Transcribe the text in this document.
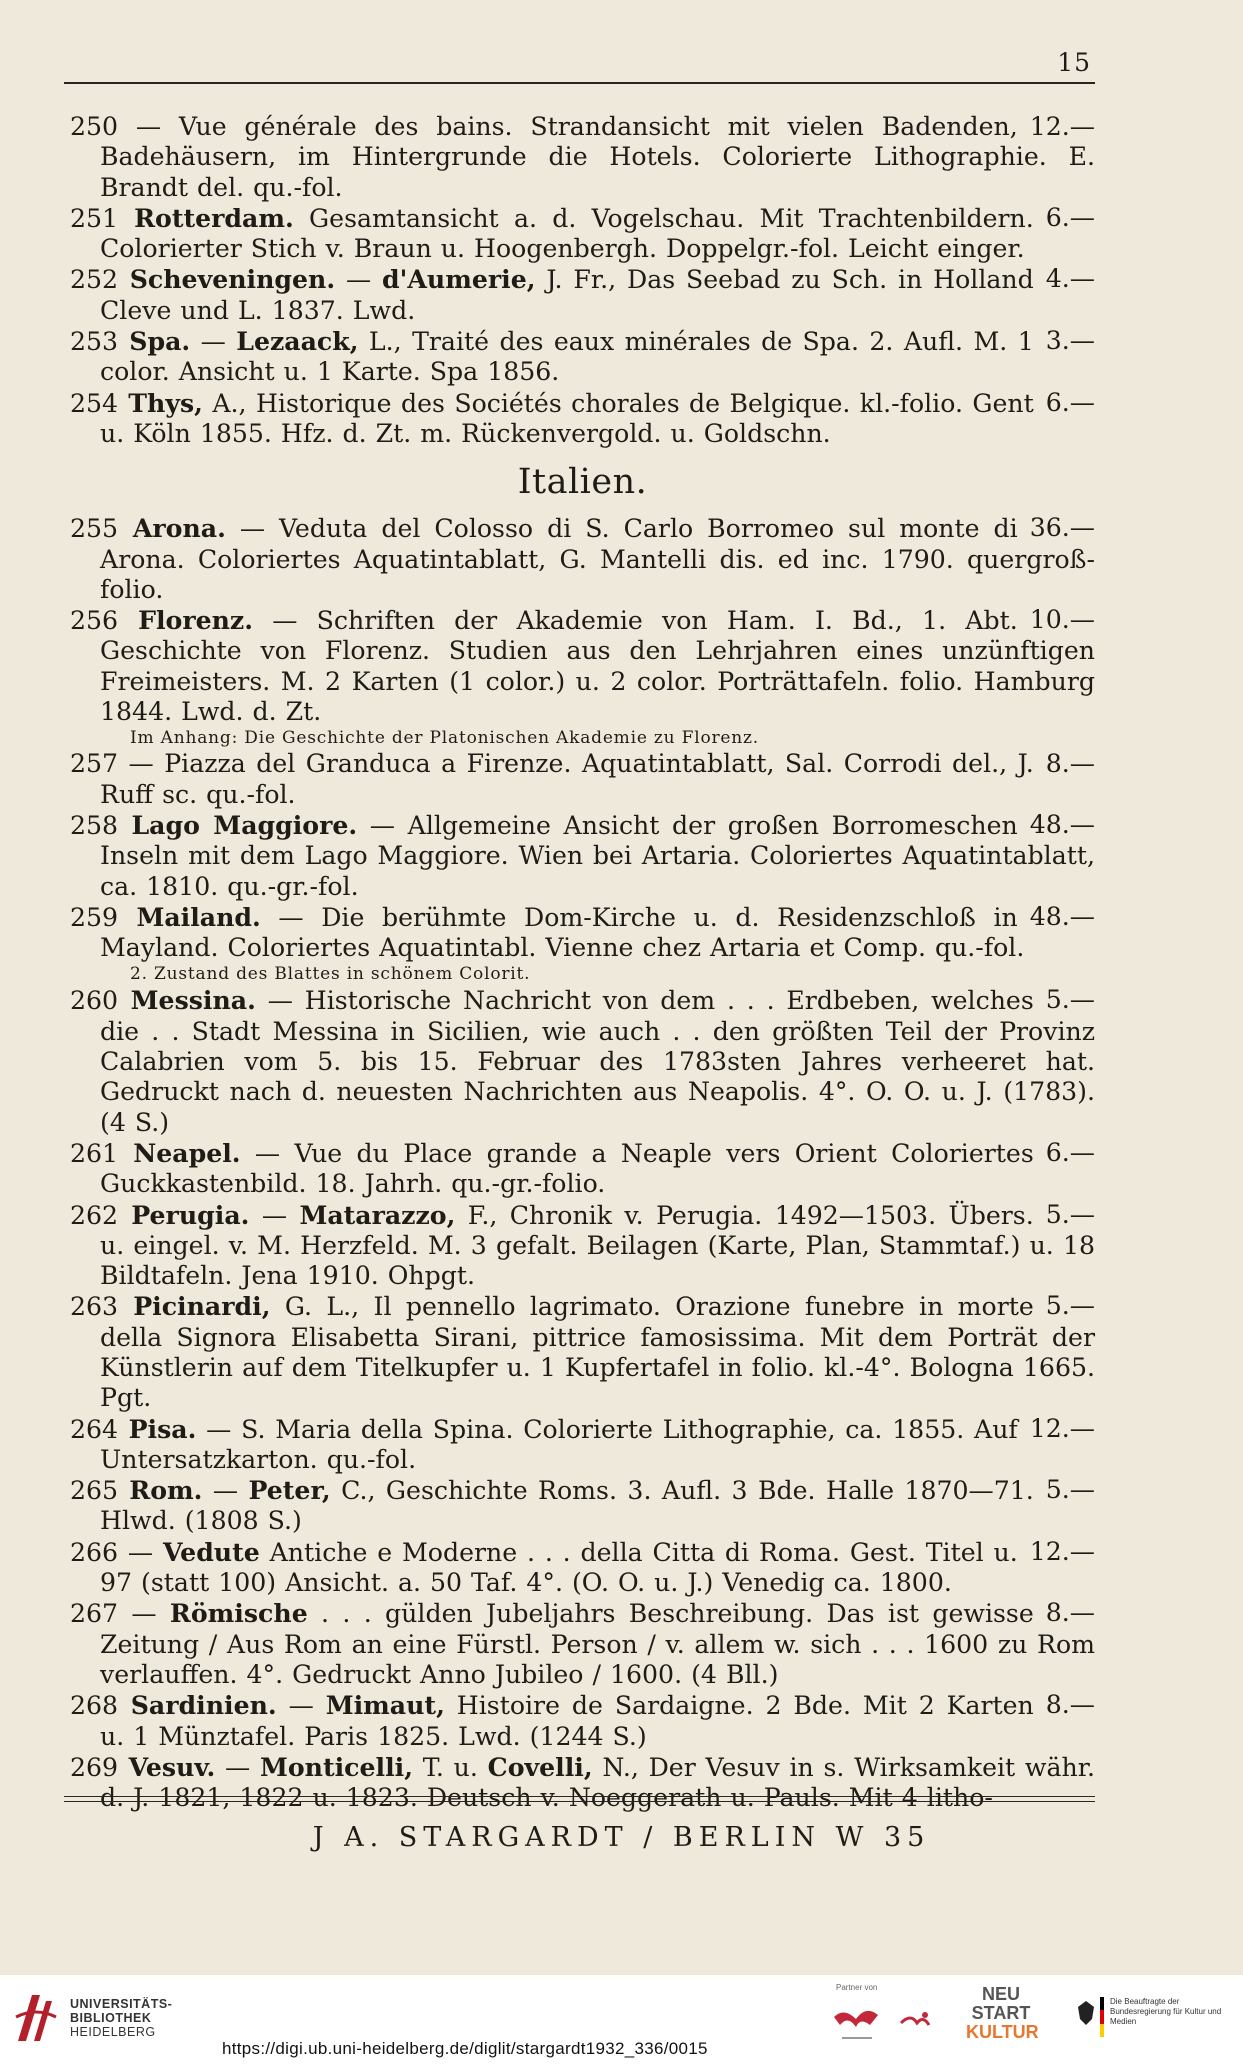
15
12.—
250 — Vue générale des bains. Strandansicht mit vielen Badenden, Badehäusern, im Hintergrunde die Hotels. Colorierte Lithographie. E. Brandt del. qu.-fol.
6.—
251 Rotterdam. Gesamtansicht a. d. Vogelschau. Mit Trachtenbildern. Colorierter Stich v. Braun u. Hoogenbergh. Doppelgr.-fol. Leicht einger.
4.—
252 Scheveningen. — d'Aumerie, J. Fr., Das Seebad zu Sch. in Holland Cleve und L. 1837. Lwd.
3.—
253 Spa. — Lezaack, L., Traité des eaux minérales de Spa. 2. Aufl. M. 1 color. Ansicht u. 1 Karte. Spa 1856.
6.—
254 Thys, A., Historique des Sociétés chorales de Belgique. kl.-folio. Gent u. Köln 1855. Hfz. d. Zt. m. Rückenvergold. u. Goldschn.
Italien.
36.—
255 Arona. — Veduta del Colosso di S. Carlo Borromeo sul monte di Arona. Coloriertes Aquatintablatt, G. Mantelli dis. ed inc. 1790. quergroß-folio.
10.—
256 Florenz. — Schriften der Akademie von Ham. I. Bd., 1. Abt. Geschichte von Florenz. Studien aus den Lehrjahren eines unzünftigen Freimeisters. M. 2 Karten (1 color.) u. 2 color. Porträttafeln. folio. Hamburg 1844. Lwd. d. Zt.
Im Anhang: Die Geschichte der Platonischen Akademie zu Florenz.
8.—
257 — Piazza del Granduca a Firenze. Aquatintablatt, Sal. Corrodi del., J. Ruff sc. qu.-fol.
48.—
258 Lago Maggiore. — Allgemeine Ansicht der großen Borromeschen Inseln mit dem Lago Maggiore. Wien bei Artaria. Coloriertes Aquatintablatt, ca. 1810. qu.-gr.-fol.
48.—
259 Mailand. — Die berühmte Dom-Kirche u. d. Residenzschloß in Mayland. Coloriertes Aquatintabl. Vienne chez Artaria et Comp. qu.-fol.
2. Zustand des Blattes in schönem Colorit.
5.—
260 Messina. — Historische Nachricht von dem . . . Erdbeben, welches die . . Stadt Messina in Sicilien, wie auch . . den größten Teil der Provinz Calabrien vom 5. bis 15. Februar des 1783sten Jahres verheeret hat. Gedruckt nach d. neuesten Nachrichten aus Neapolis. 4°. O. O. u. J. (1783). (4 S.)
6.—
261 Neapel. — Vue du Place grande a Neaple vers Orient Coloriertes Guckkastenbild. 18. Jahrh. qu.-gr.-folio.
5.—
262 Perugia. — Matarazzo, F., Chronik v. Perugia. 1492—1503. Übers. u. eingel. v. M. Herzfeld. M. 3 gefalt. Beilagen (Karte, Plan, Stammtaf.) u. 18 Bildtafeln. Jena 1910. Ohpgt.
5.—
263 Picinardi, G. L., Il pennello lagrimato. Orazione funebre in morte della Signora Elisabetta Sirani, pittrice famosissima. Mit dem Porträt der Künstlerin auf dem Titelkupfer u. 1 Kupfertafel in folio. kl.-4°. Bologna 1665. Pgt.
12.—
264 Pisa. — S. Maria della Spina. Colorierte Lithographie, ca. 1855. Auf Untersatzkarton. qu.-fol.
5.—
265 Rom. — Peter, C., Geschichte Roms. 3. Aufl. 3 Bde. Halle 1870—71. Hlwd. (1808 S.)
12.—
266 — Vedute Antiche e Moderne . . . della Citta di Roma. Gest. Titel u. 97 (statt 100) Ansicht. a. 50 Taf. 4°. (O. O. u. J.) Venedig ca. 1800.
8.—
267 — Römische . . . gülden Jubeljahrs Beschreibung. Das ist gewisse Zeitung / Aus Rom an eine Fürstl. Person / v. allem w. sich . . . 1600 zu Rom verlauffen. 4°. Gedruckt Anno Jubileo / 1600. (4 Bll.)
8.—
268 Sardinien. — Mimaut, Histoire de Sardaigne. 2 Bde. Mit 2 Karten u. 1 Münztafel. Paris 1825. Lwd. (1244 S.)
269 Vesuv. — Monticelli, T. u. Covelli, N., Der Vesuv in s. Wirksamkeit währ. d. J. 1821, 1822 u. 1823. Deutsch v. Noeggerath u. Pauls. Mit 4 litho-
J A. STARGARDT / BERLIN W 35
UNIVERSITÄTS-
BIBLIOTHEK
HEIDELBERG
https://digi.ub.uni-heidelberg.de/diglit/stargardt1932_336/0015
Partner von	NEU
START
KULTUR
Die Beauftragte der Bundesregierung für Kultur und Medien
